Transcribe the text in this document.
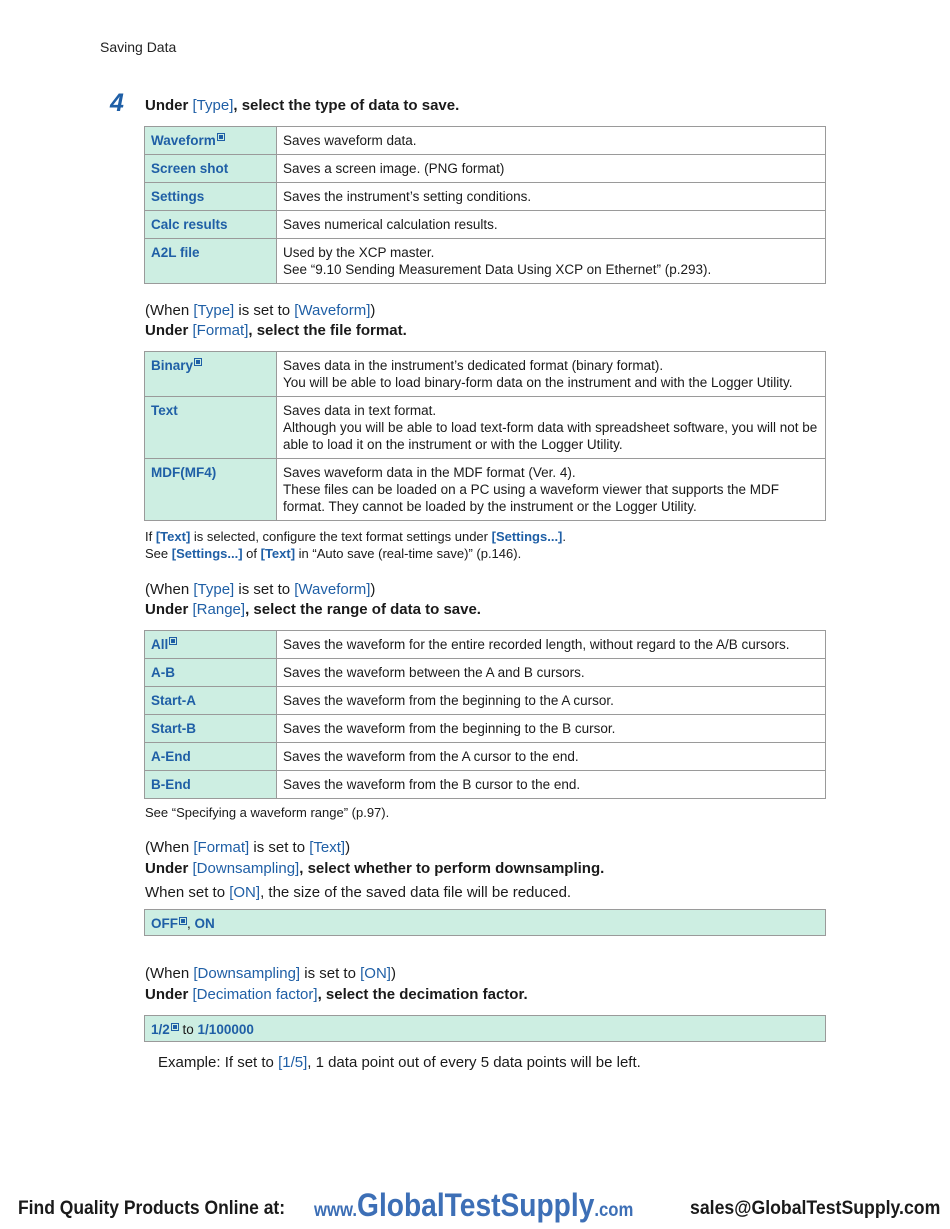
Saving Data
4 Under [Type], select the type of data to save.
Waveform	Saves waveform data.

Screen shot	Saves a screen image. (PNG format)

Settings	Saves the instrument’s setting conditions.

Calc results	Saves numerical calculation results.

A2L file	Used by the XCP master.
See “9.10 Sending Measurement Data Using XCP on Ethernet” (p.293).
(When [Type] is set to [Waveform])
Under [Format], select the file format.
Binary	Saves data in the instrument’s dedicated format (binary format).
You will be able to load binary-form data on the instrument and with the Logger Utility.

Text	Saves data in text format.
Although you will be able to load text-form data with spreadsheet software, you will not be able to load it on the instrument or with the Logger Utility.

MDF(MF4)	Saves waveform data in the MDF format (Ver. 4).
These files can be loaded on a PC using a waveform viewer that supports the MDF format. They cannot be loaded by the instrument or the Logger Utility.
If [Text] is selected, configure the text format settings under [Settings...].
See [Settings...] of [Text] in “Auto save (real-time save)” (p.146).
(When [Type] is set to [Waveform])
Under [Range], select the range of data to save.
All	Saves the waveform for the entire recorded length, without regard to the A/B cursors.

A-B	Saves the waveform between the A and B cursors.

Start-A	Saves the waveform from the beginning to the A cursor.

Start-B	Saves the waveform from the beginning to the B cursor.

A-End	Saves the waveform from the A cursor to the end.

B-End	Saves the waveform from the B cursor to the end.
See “Specifying a waveform range” (p.97).
(When [Format] is set to [Text])
Under [Downsampling], select whether to perform downsampling.
When set to [ON], the size of the saved data file will be reduced.
OFF , ON
(When [Downsampling] is set to [ON])
Under [Decimation factor], select the decimation factor.
1/2 to 1/100000
Example: If set to [1/5], 1 data point out of every 5 data points will be left.
Find Quality Products Online at: www.GlobalTestSupply.com	sales@GlobalTestSupply.com
